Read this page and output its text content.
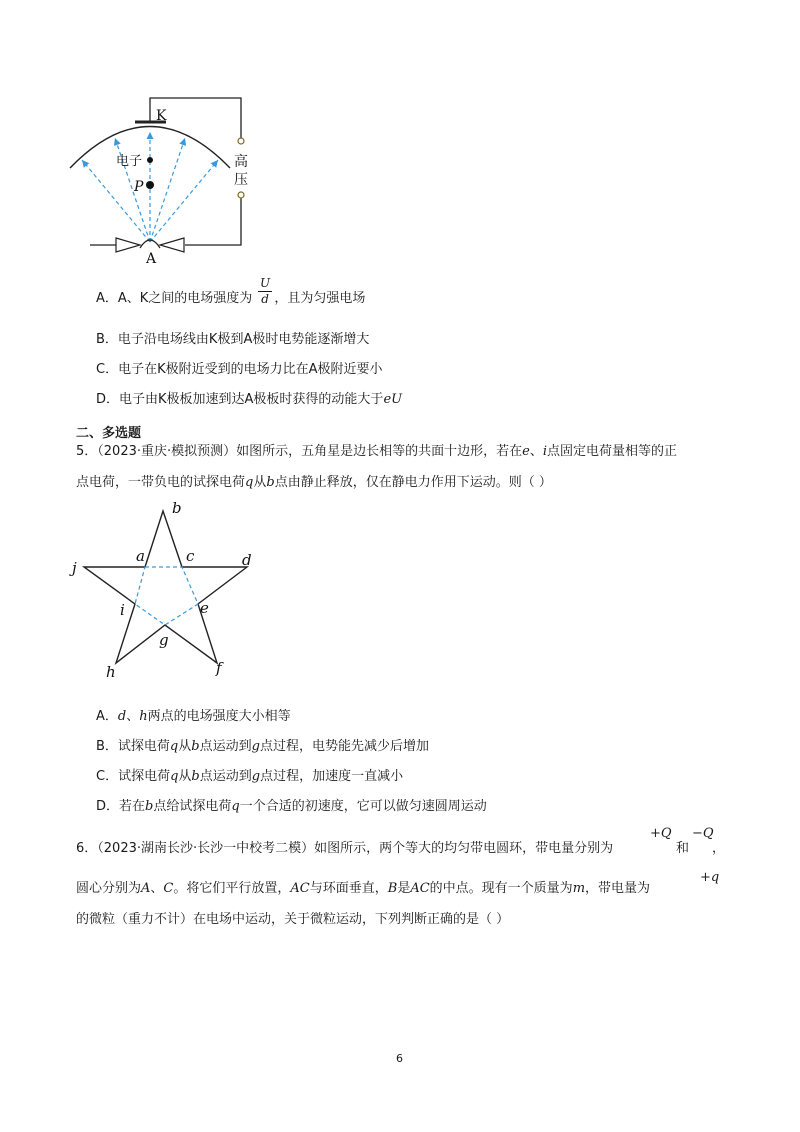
K
电子
P
高
压
A
A．A、K之间的电场强度为 ，且为匀强电场
$\frac{U}{d}$
B．电子沿电场线由K极到A极时电势能逐渐增大
C．电子在K极附近受到的电场力比在A极附近要小
D．电子由K极板加速到达A极板时获得的动能大于eU
二、多选题
5．（2023·重庆·模拟预测）如图所示，五角星是边长相等的共面十边形，若在e、i点固定电荷量相等的正
点电荷，一带负电的试探电荷q从b点由静止释放，仅在静电力作用下运动。则（ ）
b
a	c	d
j
i	e
g
h	f
A．d、h两点的电场强度大小相等
B．试探电荷q从b点运动到g点过程，电势能先减少后增加
C．试探电荷q从b点运动到g点过程，加速度一直减小
D．若在b点给试探电荷q一个合适的初速度，它可以做匀速圆周运动
6．（2023·湖南长沙·长沙一中校考二模）如图所示，两个等大的均匀带电圆环，带电量分别为
+Q
和
−Q
，
圆心分别为A、C。将它们平行放置，AC与环面垂直，B是AC的中点。现有一个质量为m，带电量为
+q
的微粒（重力不计）在电场中运动，关于微粒运动，下列判断正确的是（ ）
6
